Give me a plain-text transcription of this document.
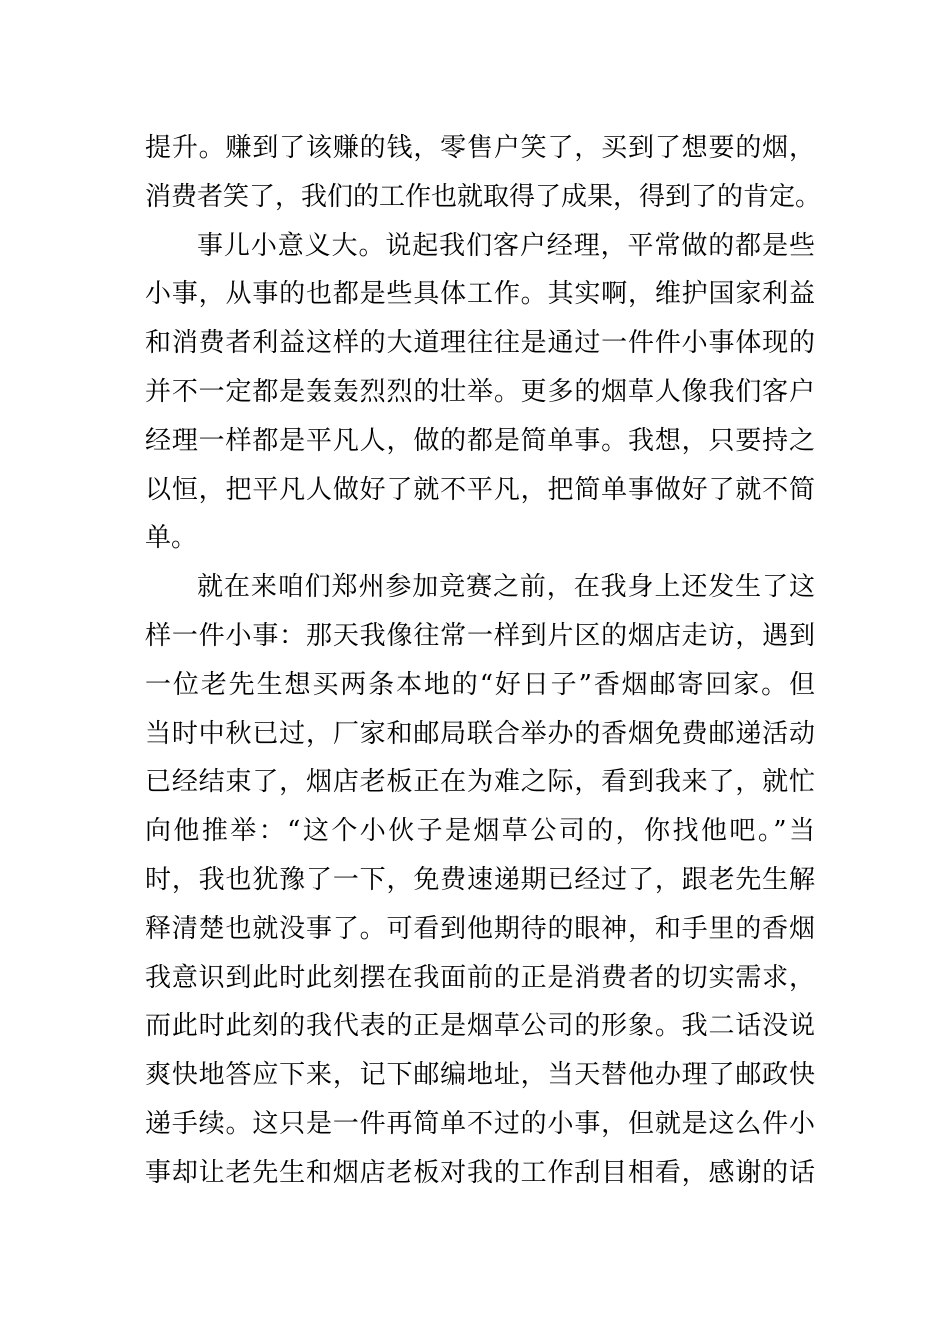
提升。赚到了该赚的钱，零售户笑了，买到了想要的烟，
消费者笑了，我们的工作也就取得了成果，得到了的肯定。
事儿小意义大。说起我们客户经理，平常做的都是些
小事，从事的也都是些具体工作。其实啊，维护国家利益
和消费者利益这样的大道理往往是通过一件件小事体现的
并不一定都是轰轰烈烈的壮举。更多的烟草人像我们客户
经理一样都是平凡人，做的都是简单事。我想，只要持之
以恒，把平凡人做好了就不平凡，把简单事做好了就不简
单。
就在来咱们郑州参加竞赛之前，在我身上还发生了这
样一件小事：那天我像往常一样到片区的烟店走访，遇到
一位老先生想买两条本地的“好日子”香烟邮寄回家。但
当时中秋已过，厂家和邮局联合举办的香烟免费邮递活动
已经结束了，烟店老板正在为难之际，看到我来了，就忙
向他推举：“这个小伙子是烟草公司的，你找他吧。”当
时，我也犹豫了一下，免费速递期已经过了，跟老先生解
释清楚也就没事了。可看到他期待的眼神，和手里的香烟
我意识到此时此刻摆在我面前的正是消费者的切实需求，
而此时此刻的我代表的正是烟草公司的形象。我二话没说
爽快地答应下来，记下邮编地址，当天替他办理了邮政快
递手续。这只是一件再简单不过的小事，但就是这么件小
事却让老先生和烟店老板对我的工作刮目相看，感谢的话
